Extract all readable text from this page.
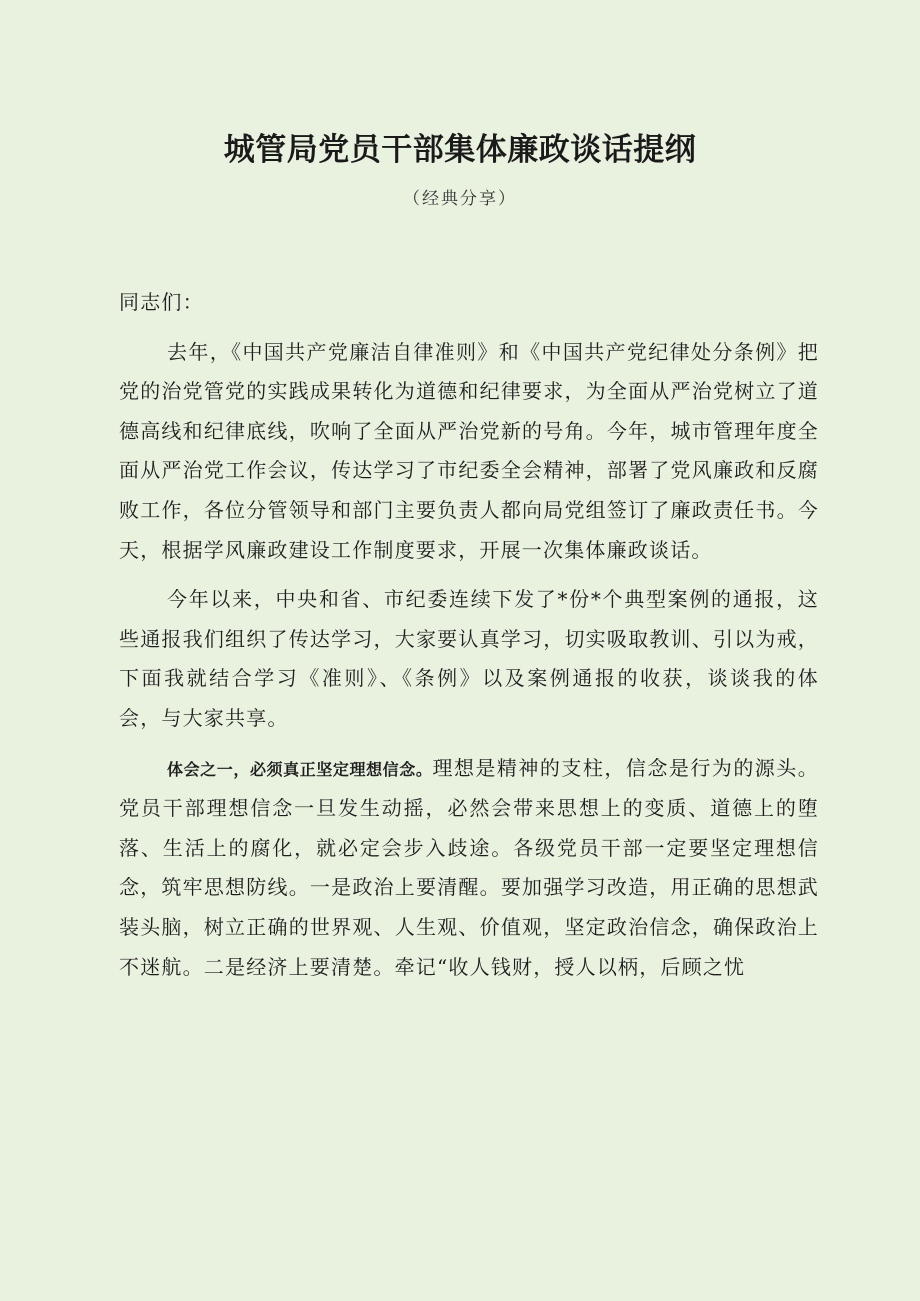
城管局党员干部集体廉政谈话提纲
（经典分享）

同志们：

去年，《中国共产党廉洁自律准则》和《中国共产党纪律处分条例》把党的治党管党的实践成果转化为道德和纪律要求，为全面从严治党树立了道德高线和纪律底线，吹响了全面从严治党新的号角。今年，城市管理年度全面从严治党工作会议，传达学习了市纪委全会精神，部署了党风廉政和反腐败工作，各位分管领导和部门主要负责人都向局党组签订了廉政责任书。今天，根据学风廉政建设工作制度要求，开展一次集体廉政谈话。

今年以来，中央和省、市纪委连续下发了*份*个典型案例的通报，这些通报我们组织了传达学习，大家要认真学习，切实吸取教训、引以为戒，下面我就结合学习《准则》、《条例》以及案例通报的收获，谈谈我的体会，与大家共享。

体会之一，必须真正坚定理想信念。理想是精神的支柱，信念是行为的源头。党员干部理想信念一旦发生动摇，必然会带来思想上的变质、道德上的堕落、生活上的腐化，就必定会步入歧途。各级党员干部一定要坚定理想信念，筑牢思想防线。一是政治上要清醒。要加强学习改造，用正确的思想武装头脑，树立正确的世界观、人生观、价值观，坚定政治信念，确保政治上不迷航。二是经济上要清楚。牵记“收人钱财，授人以柄，后顾之忧
